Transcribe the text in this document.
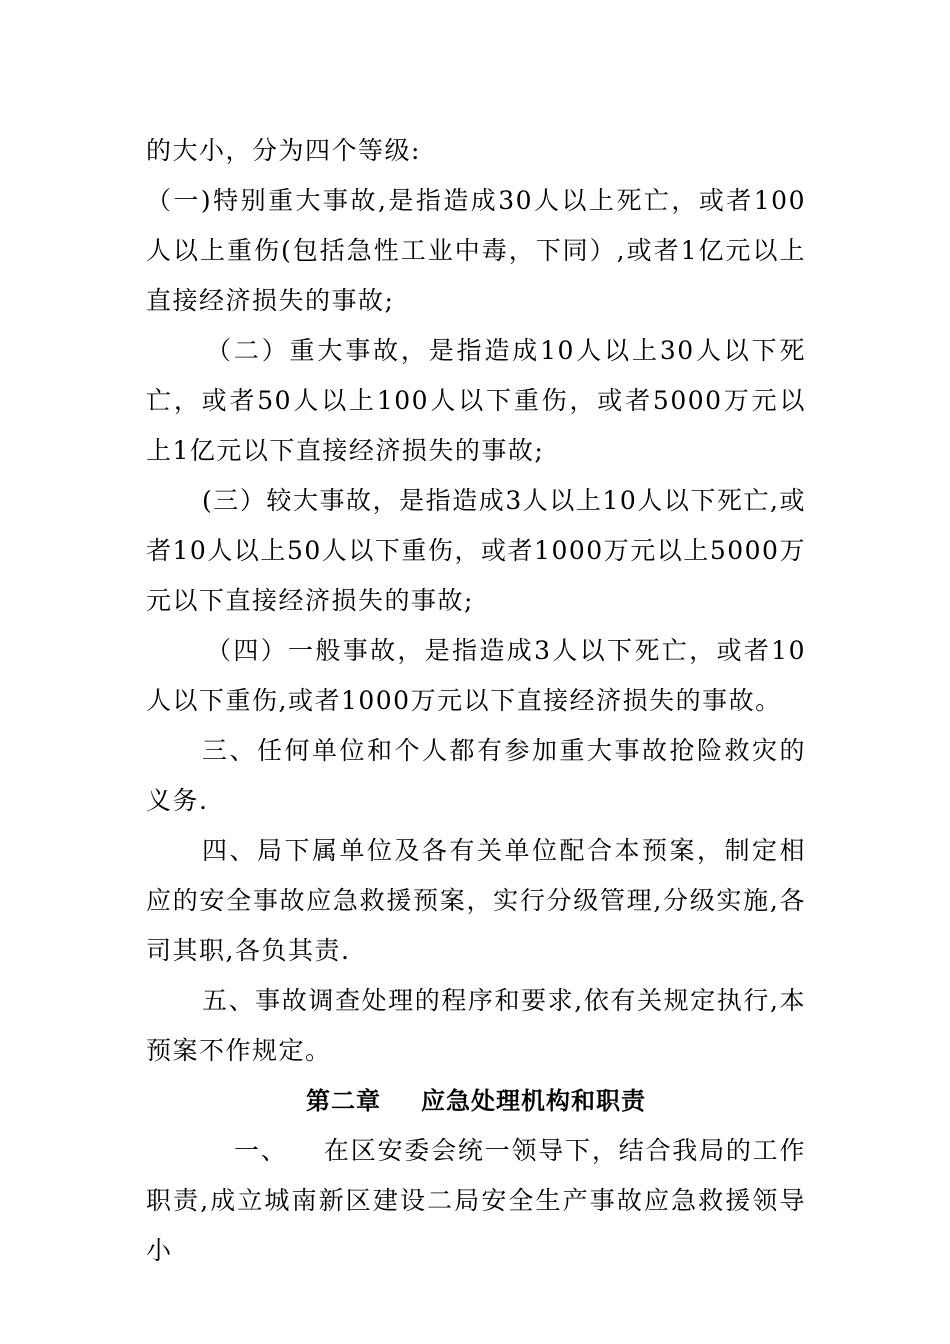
的大小，分为四个等级:

（一)特别重大事故,是指造成30人以上死亡，或者100人以上重伤(包括急性工业中毒，下同）,或者1亿元以上直接经济损失的事故;

（二）重大事故，是指造成10人以上30人以下死亡，或者50人以上100人以下重伤，或者5000万元以上1亿元以下直接经济损失的事故;

(三）较大事故，是指造成3人以上10人以下死亡,或者10人以上50人以下重伤，或者1000万元以上5000万元以下直接经济损失的事故;

（四）一般事故，是指造成3人以下死亡，或者10人以下重伤,或者1000万元以下直接经济损失的事故。

三、任何单位和个人都有参加重大事故抢险救灾的义务.

四、局下属单位及各有关单位配合本预案，制定相应的安全事故应急救援预案，实行分级管理,分级实施,各司其职,各负其责.

五、事故调查处理的程序和要求,依有关规定执行,本预案不作规定。

第二章 应急处理机构和职责

一、 在区安委会统一领导下，结合我局的工作职责,成立城南新区建设二局安全生产事故应急救援领导小
